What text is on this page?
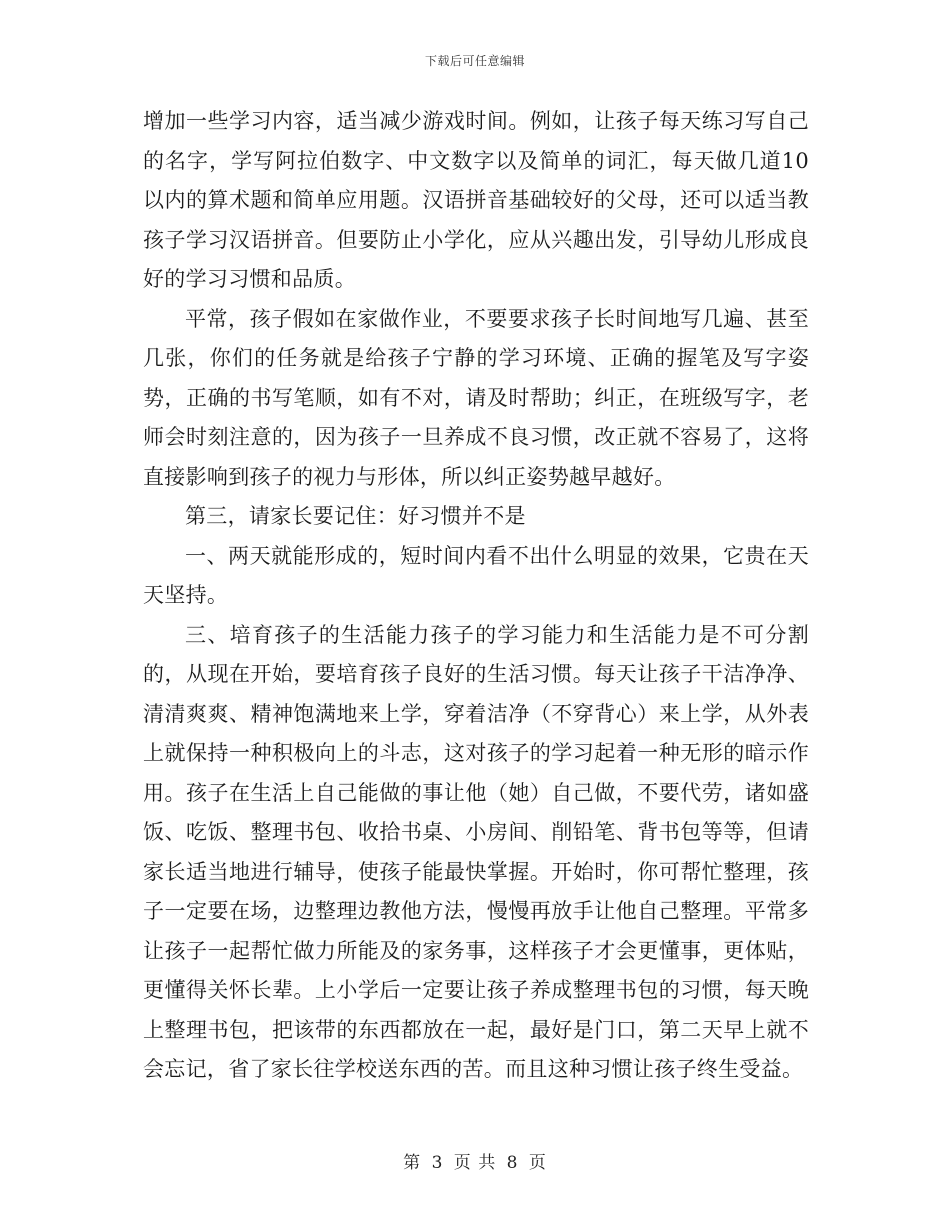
下载后可任意编辑

增加一些学习内容，适当减少游戏时间。例如，让孩子每天练习写自己的名字，学写阿拉伯数字、中文数字以及简单的词汇，每天做几道10以内的算术题和简单应用题。汉语拼音基础较好的父母，还可以适当教孩子学习汉语拼音。但要防止小学化，应从兴趣出发，引导幼儿形成良好的学习习惯和品质。

平常，孩子假如在家做作业，不要要求孩子长时间地写几遍、甚至几张，你们的任务就是给孩子宁静的学习环境、正确的握笔及写字姿势，正确的书写笔顺，如有不对，请及时帮助；纠正，在班级写字，老师会时刻注意的，因为孩子一旦养成不良习惯，改正就不容易了，这将直接影响到孩子的视力与形体，所以纠正姿势越早越好。

第三，请家长要记住：好习惯并不是

一、两天就能形成的，短时间内看不出什么明显的效果，它贵在天天坚持。

三、培育孩子的生活能力孩子的学习能力和生活能力是不可分割的，从现在开始，要培育孩子良好的生活习惯。每天让孩子干洁净净、清清爽爽、精神饱满地来上学，穿着洁净（不穿背心）来上学，从外表上就保持一种积极向上的斗志，这对孩子的学习起着一种无形的暗示作用。孩子在生活上自己能做的事让他（她）自己做，不要代劳，诸如盛饭、吃饭、整理书包、收拾书桌、小房间、削铅笔、背书包等等，但请家长适当地进行辅导，使孩子能最快掌握。开始时，你可帮忙整理，孩子一定要在场，边整理边教他方法，慢慢再放手让他自己整理。平常多让孩子一起帮忙做力所能及的家务事，这样孩子才会更懂事，更体贴，更懂得关怀长辈。上小学后一定要让孩子养成整理书包的习惯，每天晚上整理书包，把该带的东西都放在一起，最好是门口，第二天早上就不会忘记，省了家长往学校送东西的苦。而且这种习惯让孩子终生受益。

第 3 页 共 8 页
